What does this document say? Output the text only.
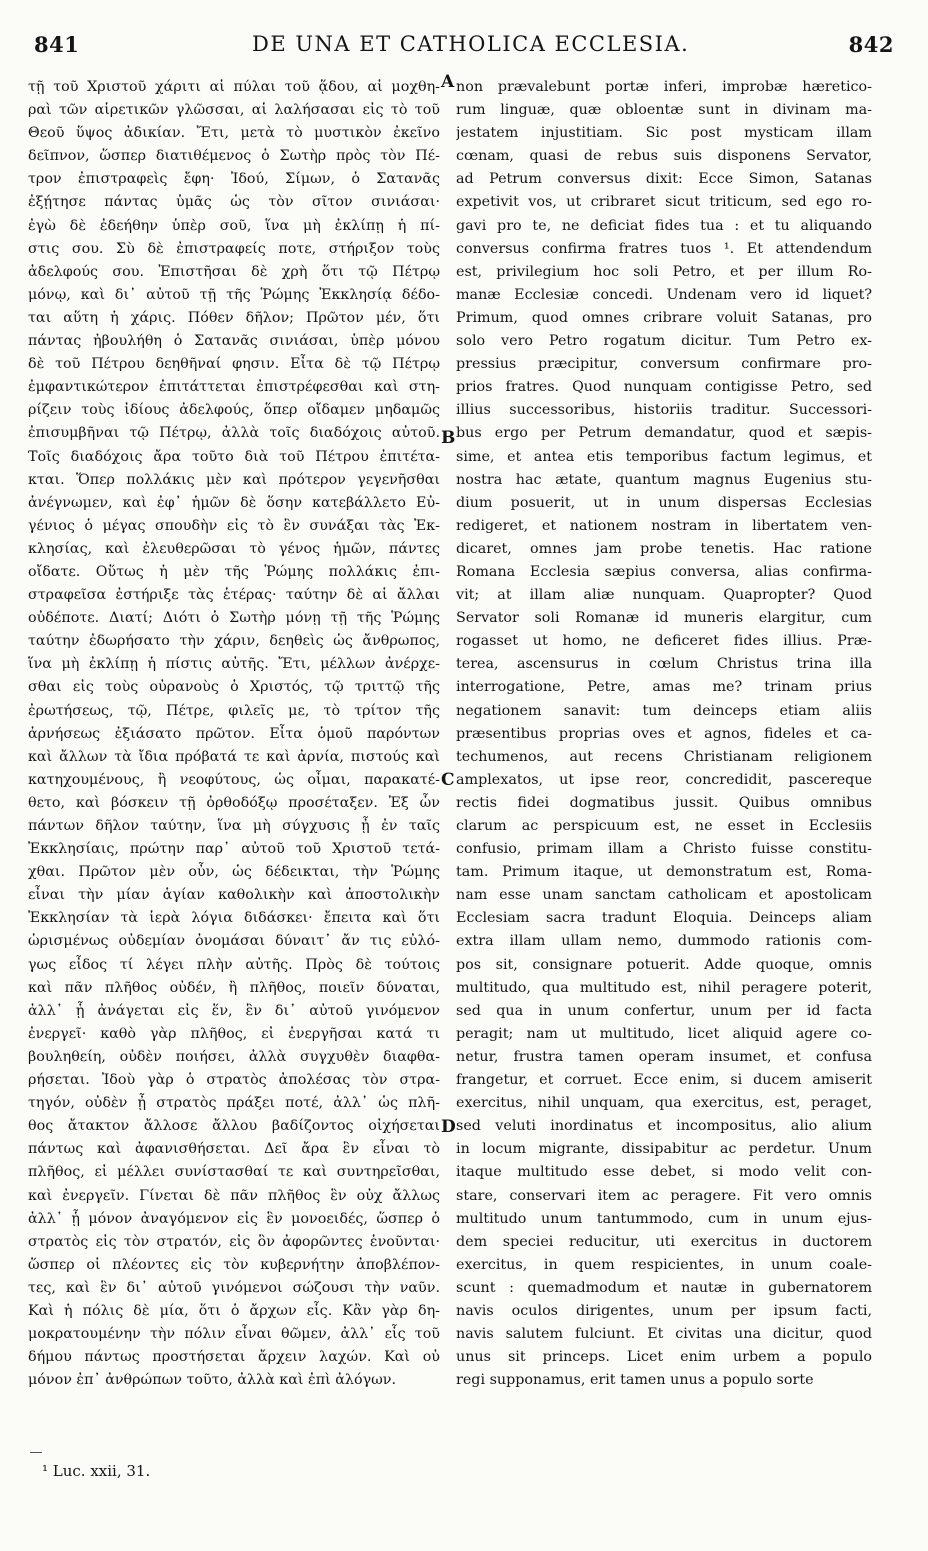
841	DE UNA ET CATHOLICA ECCLESIA.	842
τῇ τοῦ Χριστοῦ χάριτι αἱ πύλαι τοῦ ᾅδου, αἱ μοχθη-
ραὶ τῶν αἱρετικῶν γλῶσσαι, αἱ λαλήσασαι εἰς τὸ τοῦ
Θεοῦ ὕψος ἀδικίαν. Ἔτι, μετὰ τὸ μυστικὸν ἐκεῖνο
δεῖπνον, ὥσπερ διατιθέμενος ὁ Σωτὴρ πρὸς τὸν Πέ-
τρον ἐπιστραφεὶς ἔφη· Ἰδού, Σίμων, ὁ Σατανᾶς
ἐξῄτησε πάντας ὑμᾶς ὡς τὸν σῖτον σινιάσαι·
ἐγὼ δὲ ἐδεήθην ὑπὲρ σοῦ, ἵνα μὴ ἐκλίπῃ ἡ πί-
στις σου. Σὺ δὲ ἐπιστραφείς ποτε, στήριξον τοὺς
ἀδελφούς σου. Ἐπιστῆσαι δὲ χρὴ ὅτι τῷ Πέτρῳ
μόνῳ, καὶ δι᾽ αὐτοῦ τῇ τῆς Ῥώμης Ἐκκλησίᾳ δέδο-
ται αὕτη ἡ χάρις. Πόθεν δῆλον; Πρῶτον μέν, ὅτι
πάντας ἠβουλήθη ὁ Σατανᾶς σινιάσαι, ὑπὲρ μόνου
δὲ τοῦ Πέτρου δεηθῆναί φησιν. Εἶτα δὲ τῷ Πέτρῳ
ἐμφαντικώτερον ἐπιτάττεται ἐπιστρέφεσθαι καὶ στη-
ρίζειν τοὺς ἰδίους ἀδελφούς, ὅπερ οἴδαμεν μηδαμῶς
ἐπισυμβῆναι τῷ Πέτρῳ, ἀλλὰ τοῖς διαδόχοις αὐτοῦ.
Τοῖς διαδόχοις ἄρα τοῦτο διὰ τοῦ Πέτρου ἐπιτέτα-
κται. Ὅπερ πολλάκις μὲν καὶ πρότερον γεγενῆσθαι
ἀνέγνωμεν, καὶ ἐφ᾽ ἡμῶν δὲ ὅσην κατεβάλλετο Εὐ-
γένιος ὁ μέγας σπουδὴν εἰς τὸ ἓν συνάξαι τὰς Ἐκ-
κλησίας, καὶ ἐλευθερῶσαι τὸ γένος ἡμῶν, πάντες
οἴδατε. Οὕτως ἡ μὲν τῆς Ῥώμης πολλάκις ἐπι-
στραφεῖσα ἐστήριξε τὰς ἑτέρας· ταύτην δὲ αἱ ἄλλαι
οὐδέποτε. Διατί; Διότι ὁ Σωτὴρ μόνῃ τῇ τῆς Ῥώμης
ταύτην ἐδωρήσατο τὴν χάριν, δεηθεὶς ὡς ἄνθρωπος,
ἵνα μὴ ἐκλίπῃ ἡ πίστις αὐτῆς. Ἔτι, μέλλων ἀνέρχε-
σθαι εἰς τοὺς οὐρανοὺς ὁ Χριστός, τῷ τριττῷ τῆς
ἐρωτήσεως, τῷ, Πέτρε, φιλεῖς με, τὸ τρίτον τῆς
ἀρνήσεως ἐξιάσατο πρῶτον. Εἶτα ὁμοῦ παρόντων
καὶ ἄλλων τὰ ἴδια πρόβατά τε καὶ ἀρνία, πιστούς καὶ
κατηχουμένους, ἢ νεοφύτους, ὡς οἶμαι, παρακατέ-
θετο, καὶ βόσκειν τῇ ὀρθοδόξῳ προσέταξεν. Ἐξ ὧν
πάντων δῆλον ταύτην, ἵνα μὴ σύγχυσις ᾖ ἐν ταῖς
Ἐκκλησίαις, πρώτην παρ᾽ αὐτοῦ τοῦ Χριστοῦ τετά-
χθαι. Πρῶτον μὲν οὖν, ὡς δέδεικται, τὴν Ῥώμης
εἶναι τὴν μίαν ἁγίαν καθολικὴν καὶ ἀποστολικὴν
Ἐκκλησίαν τὰ ἱερὰ λόγια διδάσκει· ἔπειτα καὶ ὅτι
ὡρισμένως οὐδεμίαν ὀνομάσαι δύναιτ᾽ ἄν τις εὐλό-
γως εἶδος τί λέγει πλὴν αὐτῆς. Πρὸς δὲ τούτοις
καὶ πᾶν πλῆθος οὐδέν, ἢ πλῆθος, ποιεῖν δύναται,
ἀλλ᾽ ᾗ ἀνάγεται εἰς ἕν, ἓν δι᾽ αὐτοῦ γινόμενον
ἐνεργεῖ· καθὸ γὰρ πλῆθος, εἰ ἐνεργῆσαι κατά τι
βουληθείη, οὐδὲν ποιήσει, ἀλλὰ συγχυθὲν διαφθα-
ρήσεται. Ἰδοὺ γὰρ ὁ στρατὸς ἀπολέσας τὸν στρα-
τηγόν, οὐδὲν ᾖ στρατὸς πράξει ποτέ, ἀλλ᾽ ὡς πλῆ-
θος ἄτακτον ἄλλοσε ἄλλου βαδίζοντος οἰχήσεται
πάντως καὶ ἀφανισθήσεται. Δεῖ ἄρα ἓν εἶναι τὸ
πλῆθος, εἰ μέλλει συνίστασθαί τε καὶ συντηρεῖσθαι,
καὶ ἐνεργεῖν. Γίνεται δὲ πᾶν πλῆθος ἓν οὐχ ἄλλως
ἀλλ᾽ ᾗ μόνον ἀναγόμενον εἰς ἓν μονοειδές, ὥσπερ ὁ
στρατὸς εἰς τὸν στρατόν, εἰς ὃν ἀφορῶντες ἑνοῦνται·
ὥσπερ οἱ πλέοντες εἰς τὸν κυβερνήτην ἀποβλέπον-
τες, καὶ ἓν δι᾽ αὐτοῦ γινόμενοι σώζουσι τὴν ναῦν.
Καὶ ἡ πόλις δὲ μία, ὅτι ὁ ἄρχων εἷς. Κἂν γὰρ δη-
μοκρατουμένην τὴν πόλιν εἶναι θῶμεν, ἀλλ᾽ εἷς τοῦ
δήμου πάντως προστήσεται ἄρχειν λαχών. Καὶ οὐ
μόνον ἐπ᾽ ἀνθρώπων τοῦτο, ἀλλὰ καὶ ἐπὶ ἀλόγων.
non prævalebunt portæ inferi, improbæ hæretico-
rum linguæ, quæ obloentæ sunt in divinam ma-
jestatem injustitiam. Sic post mysticam illam
cœnam, quasi de rebus suis disponens Servator,
ad Petrum conversus dixit: Ecce Simon, Satanas
expetivit vos, ut cribraret sicut triticum, sed ego ro-
gavi pro te, ne deficiat fides tua : et tu aliquando
conversus confirma fratres tuos ¹. Et attendendum
est, privilegium hoc soli Petro, et per illum Ro-
manæ Ecclesiæ concedi. Undenam vero id liquet?
Primum, quod omnes cribrare voluit Satanas, pro
solo vero Petro rogatum dicitur. Tum Petro ex-
pressius præcipitur, conversum confirmare pro-
prios fratres. Quod nunquam contigisse Petro, sed
illius successoribus, historiis traditur. Successori-
bus ergo per Petrum demandatur, quod et sæpis-
sime, et antea etis temporibus factum legimus, et
nostra hac ætate, quantum magnus Eugenius stu-
dium posuerit, ut in unum dispersas Ecclesias
redigeret, et nationem nostram in libertatem ven-
dicaret, omnes jam probe tenetis. Hac ratione
Romana Ecclesia sæpius conversa, alias confirma-
vit; at illam aliæ nunquam. Quapropter? Quod
Servator soli Romanæ id muneris elargitur, cum
rogasset ut homo, ne deficeret fides illius. Præ-
terea, ascensurus in cœlum Christus trina illa
interrogatione, Petre, amas me? trinam prius
negationem sanavit: tum deinceps etiam aliis
præsentibus proprias oves et agnos, fideles et ca-
techumenos, aut recens Christianam religionem
amplexatos, ut ipse reor, concredidit, pascereque
rectis fidei dogmatibus jussit. Quibus omnibus
clarum ac perspicuum est, ne esset in Ecclesiis
confusio, primam illam a Christo fuisse constitu-
tam. Primum itaque, ut demonstratum est, Roma-
nam esse unam sanctam catholicam et apostolicam
Ecclesiam sacra tradunt Eloquia. Deinceps aliam
extra illam ullam nemo, dummodo rationis com-
pos sit, consignare potuerit. Adde quoque, omnis
multitudo, qua multitudo est, nihil peragere poterit,
sed qua in unum confertur, unum per id facta
peragit; nam ut multitudo, licet aliquid agere co-
netur, frustra tamen operam insumet, et confusa
frangetur, et corruet. Ecce enim, si ducem amiserit
exercitus, nihil unquam, qua exercitus, est, peraget,
sed veluti inordinatus et incompositus, alio alium
in locum migrante, dissipabitur ac perdetur. Unum
itaque multitudo esse debet, si modo velit con-
stare, conservari item ac peragere. Fit vero omnis
multitudo unum tantummodo, cum in unum ejus-
dem speciei reducitur, uti exercitus in ductorem
exercitus, in quem respicientes, in unum coale-
scunt : quemadmodum et nautæ in gubernatorem
navis oculos dirigentes, unum per ipsum facti,
navis salutem fulciunt. Et civitas una dicitur, quod
unus sit princeps. Licet enim urbem a populo
regi supponamus, erit tamen unus a populo sorte
A
B
C
D
¹ Luc. xxii, 31.
